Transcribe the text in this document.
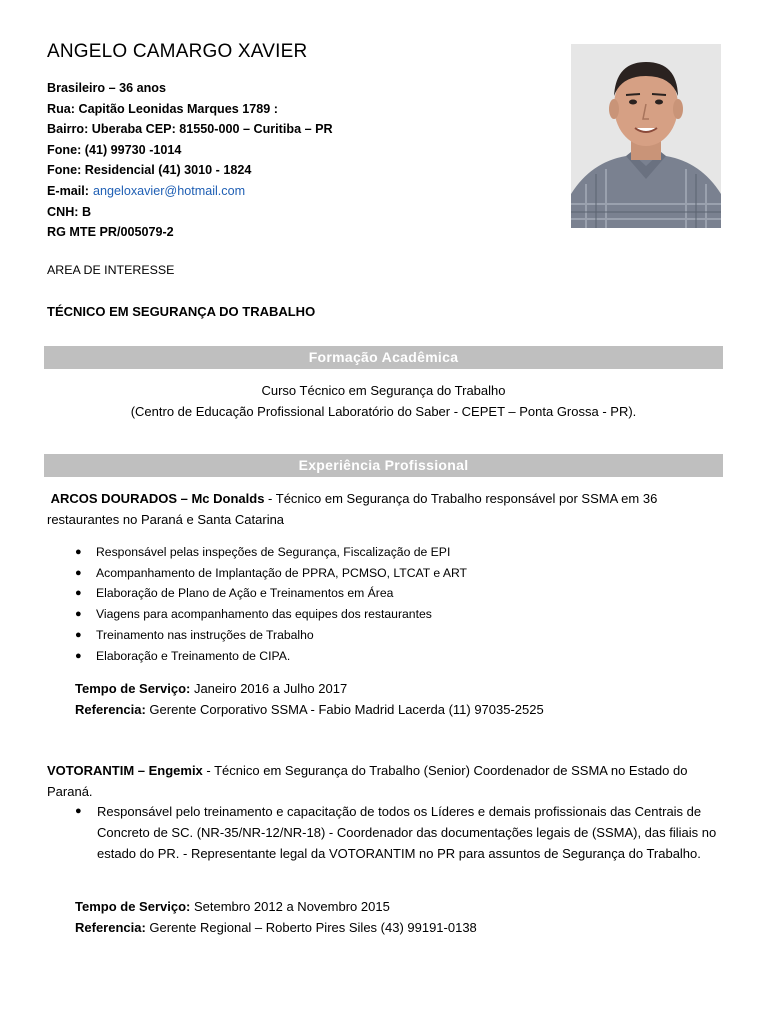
ANGELO CAMARGO XAVIER
Brasileiro – 36 anos
Rua: Capitão Leonidas Marques 1789 :
Bairro: Uberaba CEP: 81550-000 – Curitiba – PR
Fone: (41) 99730 -1014
Fone: Residencial (41) 3010 - 1824
E-mail: angeloxavier@hotmail.com
CNH: B
RG MTE PR/005079-2
AREA DE INTERESSE
TÉCNICO EM SEGURANÇA DO TRABALHO
Formação Acadêmica
Curso Técnico em Segurança do Trabalho
(Centro de Educação Profissional Laboratório do Saber - CEPET – Ponta Grossa - PR).
Experiência Profissional
ARCOS DOURADOS – Mc Donalds - Técnico em Segurança do Trabalho responsável por SSMA em 36 restaurantes no Paraná e Santa Catarina
● Responsável pelas inspeções de Segurança, Fiscalização de EPI
● Acompanhamento de Implantação de PPRA, PCMSO, LTCAT e ART
● Elaboração de Plano de Ação e Treinamentos em Área
● Viagens para acompanhamento das equipes dos restaurantes
● Treinamento nas instruções de Trabalho
● Elaboração e Treinamento de CIPA.
Tempo de Serviço: Janeiro 2016 a Julho 2017
Referencia: Gerente Corporativo SSMA - Fabio Madrid Lacerda (11) 97035-2525
VOTORANTIM – Engemix - Técnico em Segurança do Trabalho (Senior) Coordenador de SSMA no Estado do Paraná.
● Responsável pelo treinamento e capacitação de todos os Líderes e demais profissionais das Centrais de Concreto de SC. (NR-35/NR-12/NR-18) - Coordenador das documentações legais de (SSMA), das filiais no estado do PR. - Representante legal da VOTORANTIM no PR para assuntos de Segurança do Trabalho.
Tempo de Serviço: Setembro 2012 a Novembro 2015
Referencia: Gerente Regional – Roberto Pires Siles (43) 99191-0138
